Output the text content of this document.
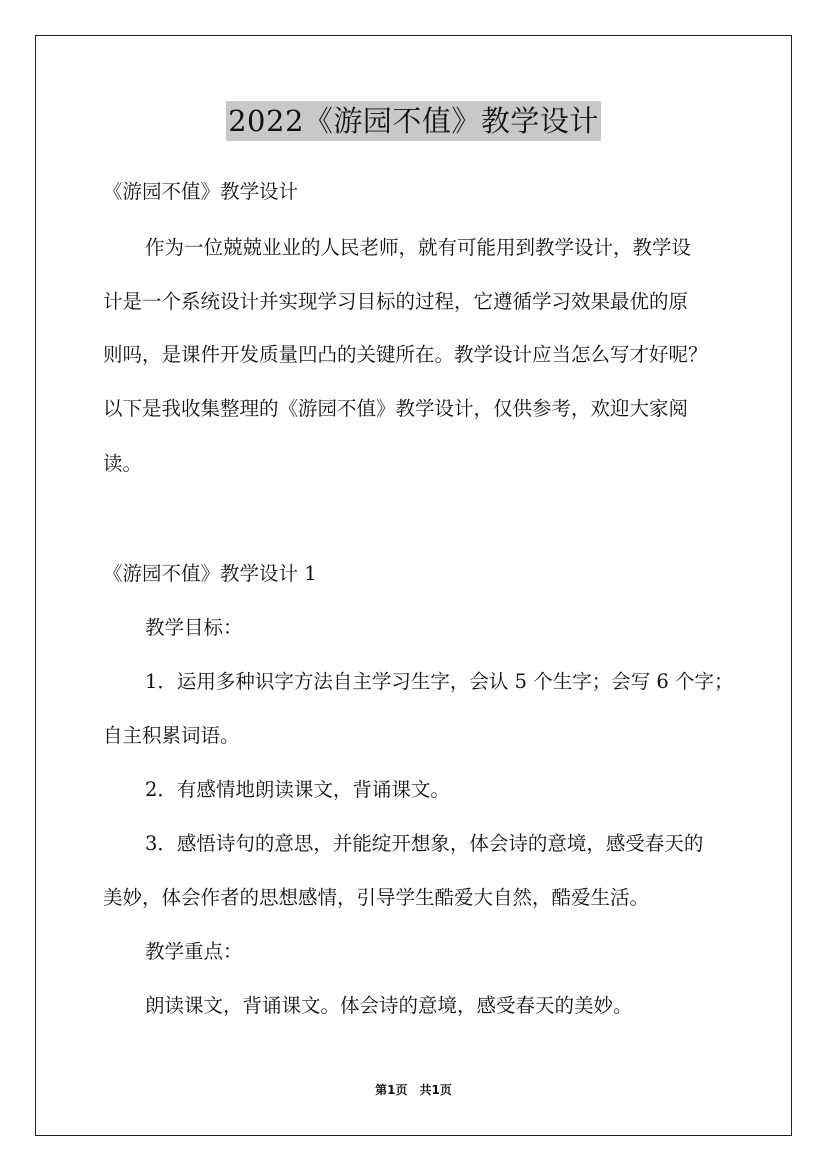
2022《游园不值》教学设计
《游园不值》教学设计
作为一位兢兢业业的人民老师，就有可能用到教学设计，教学设
计是一个系统设计并实现学习目标的过程，它遵循学习效果最优的原
则吗，是课件开发质量凹凸的关键所在。教学设计应当怎么写才好呢？
以下是我收集整理的《游园不值》教学设计，仅供参考，欢迎大家阅
读。
《游园不值》教学设计 1
教学目标：
1．运用多种识字方法自主学习生字，会认 5 个生字；会写 6 个字；
自主积累词语。
2．有感情地朗读课文，背诵课文。
3．感悟诗句的意思，并能绽开想象，体会诗的意境，感受春天的
美妙，体会作者的思想感情，引导学生酷爱大自然，酷爱生活。
教学重点：
朗读课文，背诵课文。体会诗的意境，感受春天的美妙。
第1页 共1页
